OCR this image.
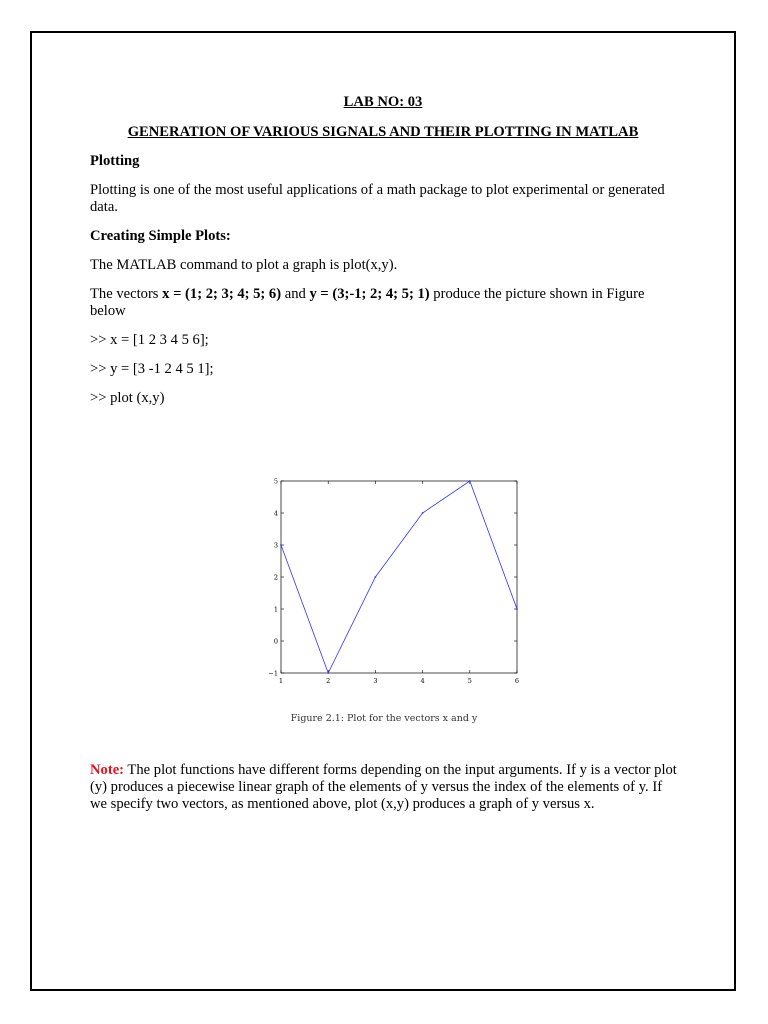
LAB NO: 03

GENERATION OF VARIOUS SIGNALS AND THEIR PLOTTING IN MATLAB

Plotting

Plotting is one of the most useful applications of a math package to plot experimental or generated data.

Creating Simple Plots:

The MATLAB command to plot a graph is plot(x,y).

The vectors x = (1; 2; 3; 4; 5; 6) and y = (3;-1; 2; 4; 5; 1) produce the picture shown in Figure below

>> x = [1 2 3 4 5 6];

>> y = [3 -1 2 4 5 1];

>> plot (x,y)

1	2	3	4	5	6
−1
0
1
2
3
4
5
Figure 2.1: Plot for the vectors x and y

Note: The plot functions have different forms depending on the input arguments. If y is a vector plot (y) produces a piecewise linear graph of the elements of y versus the index of the elements of y. If we specify two vectors, as mentioned above, plot (x,y) produces a graph of y versus x.
